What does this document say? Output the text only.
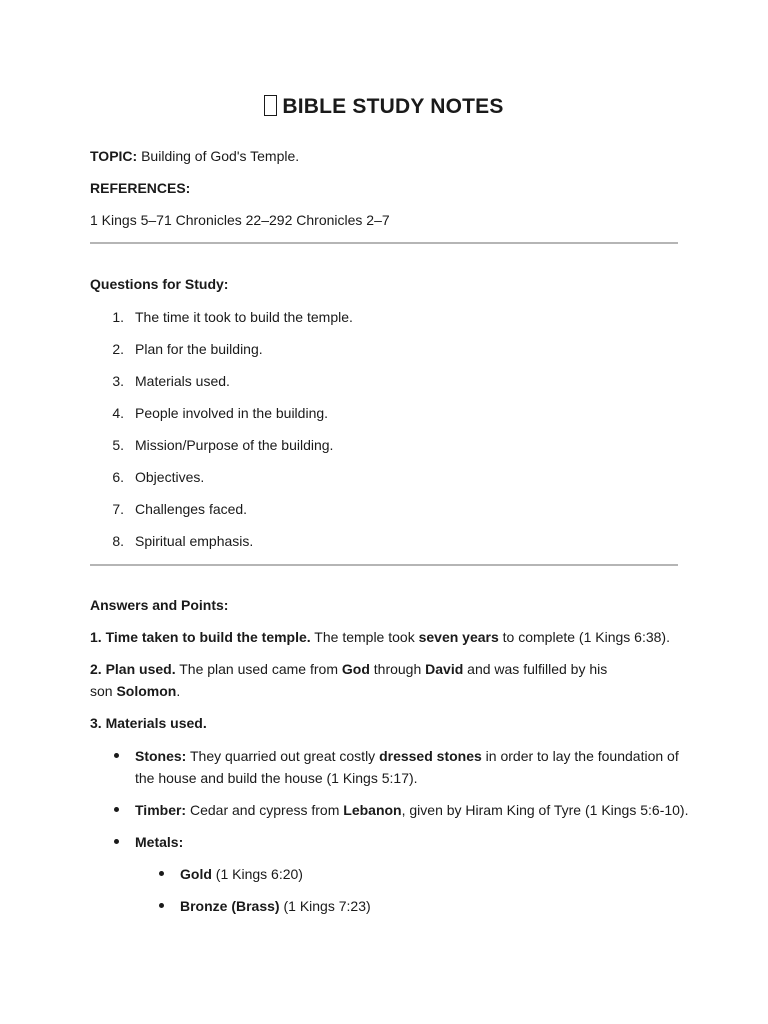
BIBLE STUDY NOTES
TOPIC: Building of God's Temple.
REFERENCES:
1 Kings 5–71 Chronicles 22–292 Chronicles 2–7
Questions for Study:
1. The time it took to build the temple.
2. Plan for the building.
3. Materials used.
4. People involved in the building.
5. Mission/Purpose of the building.
6. Objectives.
7. Challenges faced.
8. Spiritual emphasis.
Answers and Points:
1. Time taken to build the temple. The temple took seven years to complete (1 Kings 6:38).
2. Plan used. The plan used came from God through David and was fulfilled by his
son Solomon.
3. Materials used.
Stones: They quarried out great costly dressed stones in order to lay the foundation of
the house and build the house (1 Kings 5:17).
Timber: Cedar and cypress from Lebanon, given by Hiram King of Tyre (1 Kings 5:6-10).
Metals:
Gold (1 Kings 6:20)
Bronze (Brass) (1 Kings 7:23)
